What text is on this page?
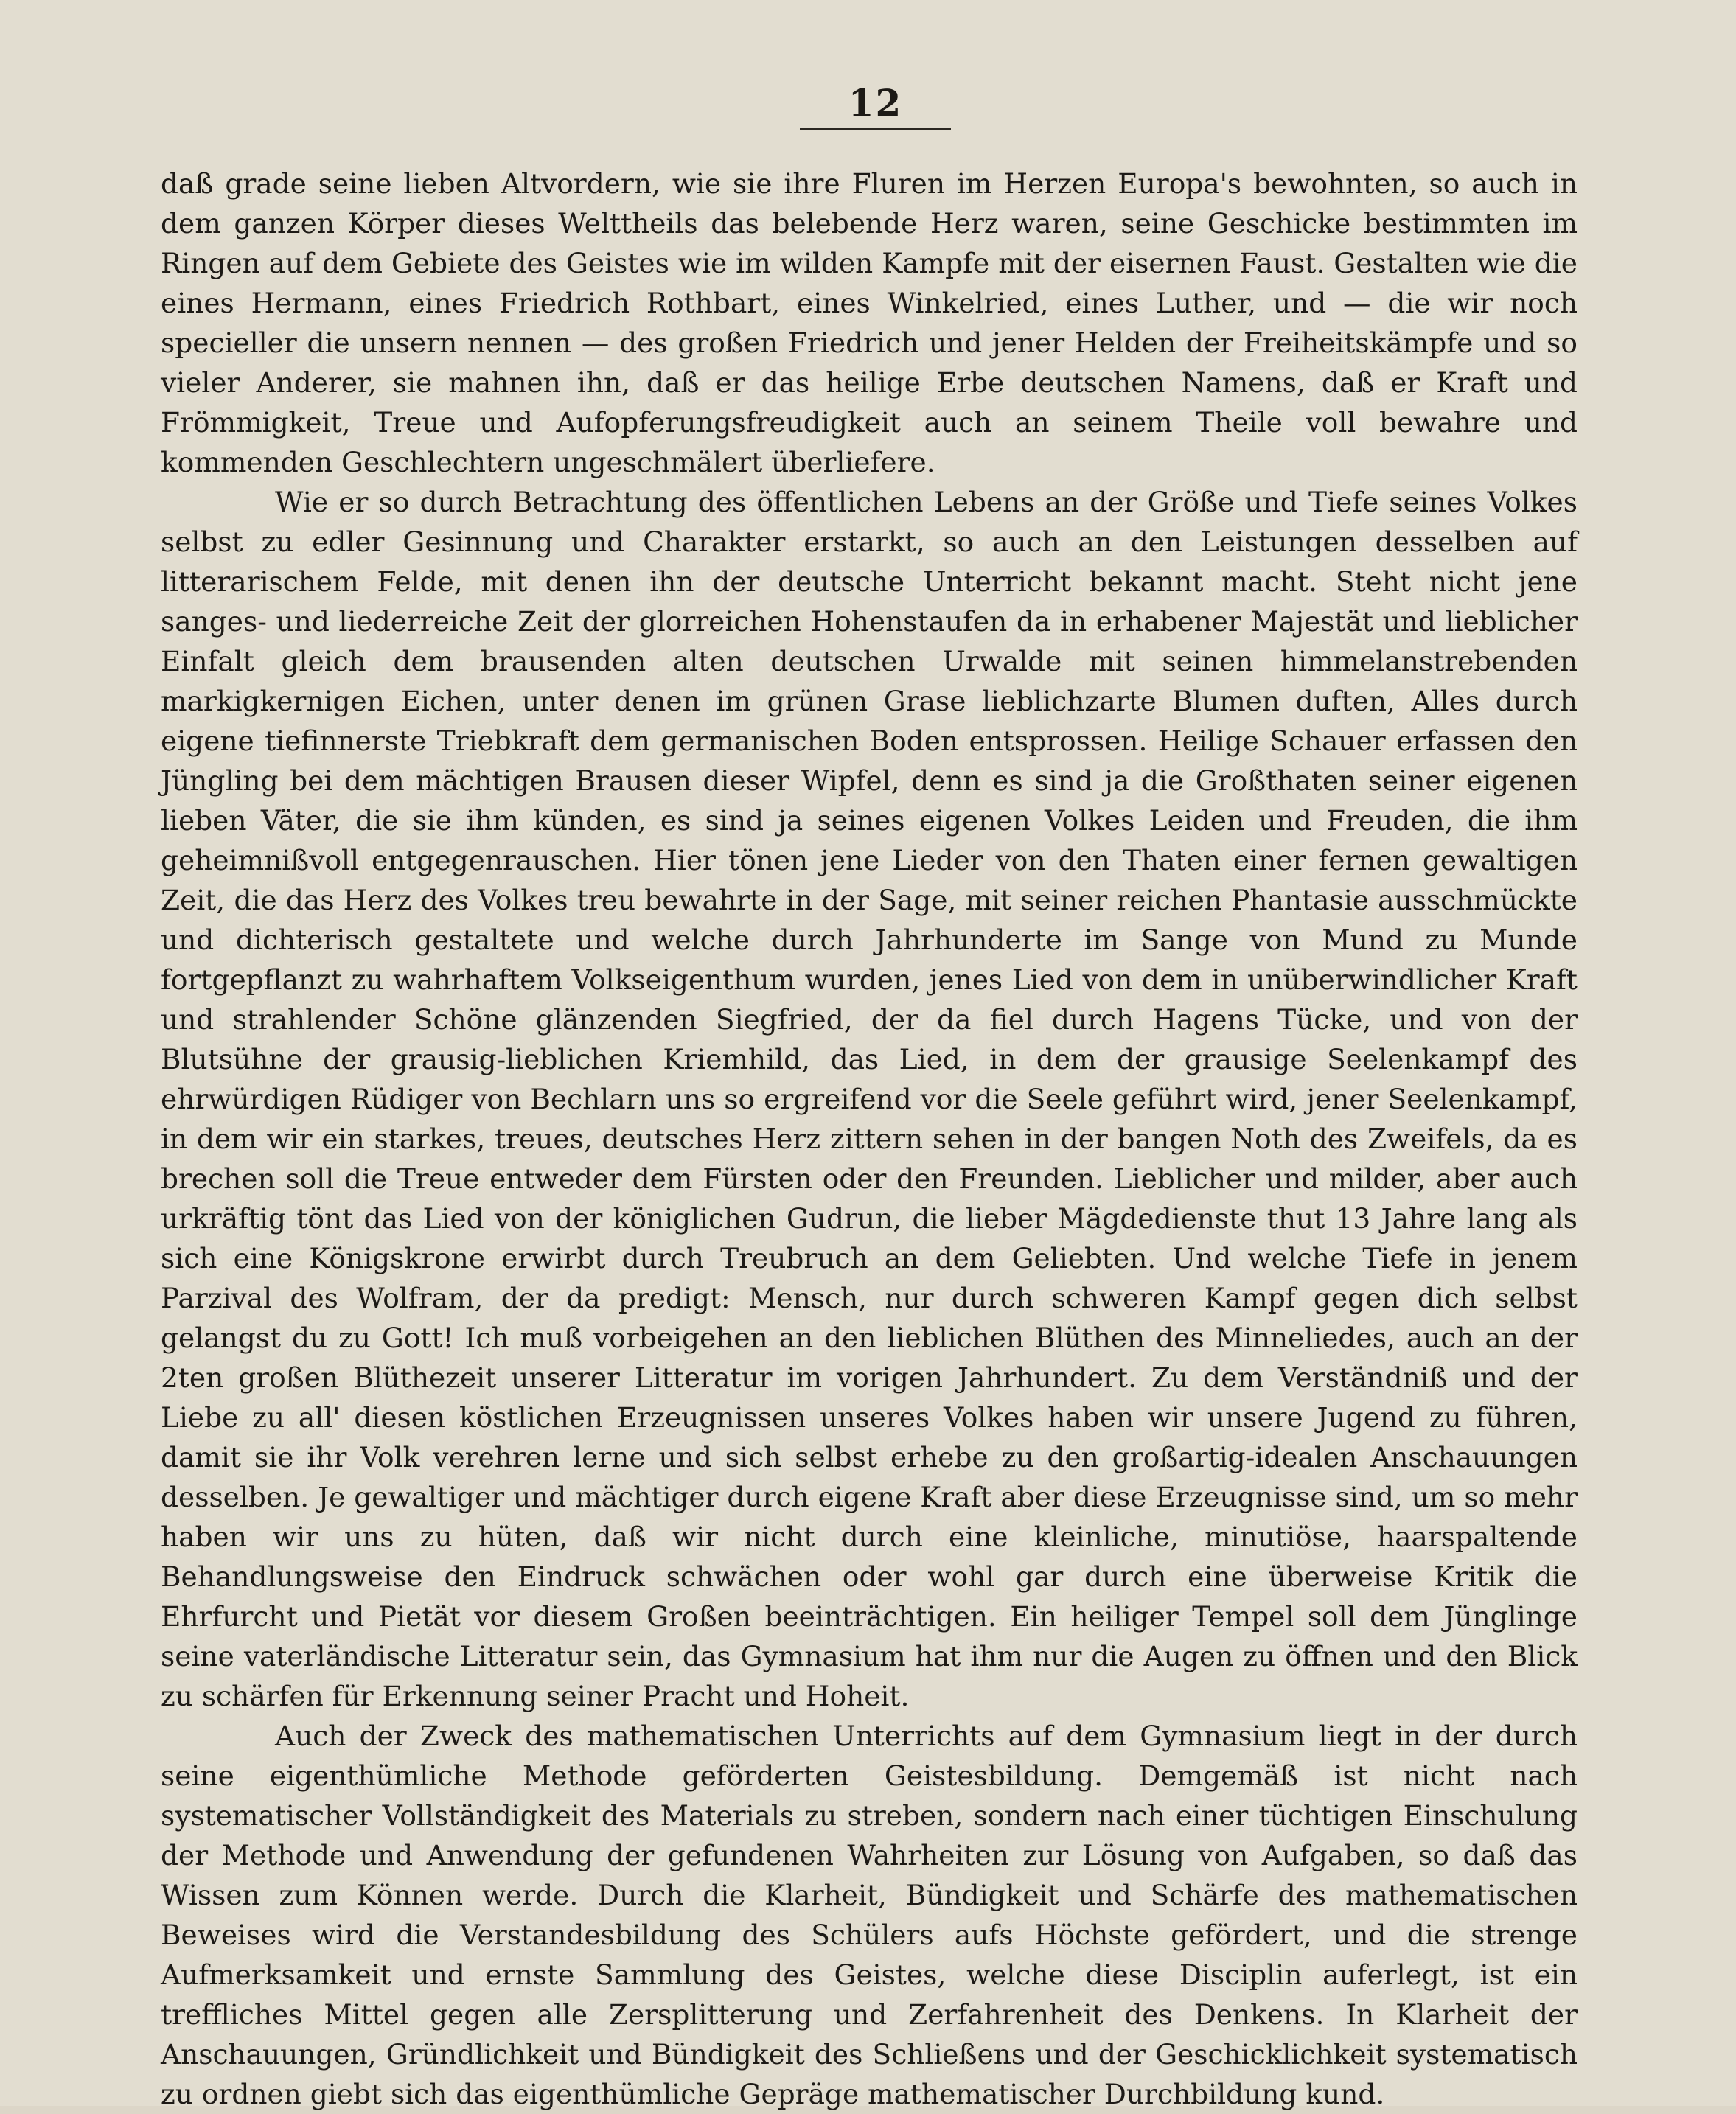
12

daß grade seine lieben Altvordern, wie sie ihre Fluren im Herzen Europa's bewohnten, so auch in dem ganzen Körper dieses Welttheils das belebende Herz waren, seine Geschicke bestimmten im Ringen auf dem Gebiete des Geistes wie im wilden Kampfe mit der eisernen Faust. Gestalten wie die eines Hermann, eines Friedrich Rothbart, eines Winkelried, eines Luther, und — die wir noch specieller die unsern nennen — des großen Friedrich und jener Helden der Freiheitskämpfe und so vieler Anderer, sie mahnen ihn, daß er das heilige Erbe deutschen Namens, daß er Kraft und Frömmigkeit, Treue und Aufopferungsfreudigkeit auch an seinem Theile voll bewahre und kommenden Geschlechtern ungeschmälert überliefere.

Wie er so durch Betrachtung des öffentlichen Lebens an der Größe und Tiefe seines Volkes selbst zu edler Gesinnung und Charakter erstarkt, so auch an den Leistungen desselben auf litterarischem Felde, mit denen ihn der deutsche Unterricht bekannt macht. Steht nicht jene sanges- und liederreiche Zeit der glorreichen Hohenstaufen da in erhabener Majestät und lieblicher Einfalt gleich dem brausenden alten deutschen Urwalde mit seinen himmelanstrebenden markigkernigen Eichen, unter denen im grünen Grase lieblichzarte Blumen duften, Alles durch eigene tiefinnerste Triebkraft dem germanischen Boden entsprossen. Heilige Schauer erfassen den Jüngling bei dem mächtigen Brausen dieser Wipfel, denn es sind ja die Großthaten seiner eigenen lieben Väter, die sie ihm künden, es sind ja seines eigenen Volkes Leiden und Freuden, die ihm geheimnißvoll entgegenrauschen. Hier tönen jene Lieder von den Thaten einer fernen gewaltigen Zeit, die das Herz des Volkes treu bewahrte in der Sage, mit seiner reichen Phantasie ausschmückte und dichterisch gestaltete und welche durch Jahrhunderte im Sange von Mund zu Munde fortgepflanzt zu wahrhaftem Volkseigenthum wurden, jenes Lied von dem in unüberwindlicher Kraft und strahlender Schöne glänzenden Siegfried, der da fiel durch Hagens Tücke, und von der Blutsühne der grausig-lieblichen Kriemhild, das Lied, in dem der grausige Seelenkampf des ehrwürdigen Rüdiger von Bechlarn uns so ergreifend vor die Seele geführt wird, jener Seelenkampf, in dem wir ein starkes, treues, deutsches Herz zittern sehen in der bangen Noth des Zweifels, da es brechen soll die Treue entweder dem Fürsten oder den Freunden. Lieblicher und milder, aber auch urkräftig tönt das Lied von der königlichen Gudrun, die lieber Mägdedienste thut 13 Jahre lang als sich eine Königskrone erwirbt durch Treubruch an dem Geliebten. Und welche Tiefe in jenem Parzival des Wolfram, der da predigt: Mensch, nur durch schweren Kampf gegen dich selbst gelangst du zu Gott! Ich muß vorbeigehen an den lieblichen Blüthen des Minneliedes, auch an der 2ten großen Blüthezeit unserer Litteratur im vorigen Jahrhundert. Zu dem Verständniß und der Liebe zu all' diesen köstlichen Erzeugnissen unseres Volkes haben wir unsere Jugend zu führen, damit sie ihr Volk verehren lerne und sich selbst erhebe zu den großartig-idealen Anschauungen desselben. Je gewaltiger und mächtiger durch eigene Kraft aber diese Erzeugnisse sind, um so mehr haben wir uns zu hüten, daß wir nicht durch eine kleinliche, minutiöse, haarspaltende Behandlungsweise den Eindruck schwächen oder wohl gar durch eine überweise Kritik die Ehrfurcht und Pietät vor diesem Großen beeinträchtigen. Ein heiliger Tempel soll dem Jünglinge seine vaterländische Litteratur sein, das Gymnasium hat ihm nur die Augen zu öffnen und den Blick zu schärfen für Erkennung seiner Pracht und Hoheit.

Auch der Zweck des mathematischen Unterrichts auf dem Gymnasium liegt in der durch seine eigenthümliche Methode geförderten Geistesbildung. Demgemäß ist nicht nach systematischer Vollständigkeit des Materials zu streben, sondern nach einer tüchtigen Einschulung der Methode und Anwendung der gefundenen Wahrheiten zur Lösung von Aufgaben, so daß das Wissen zum Können werde. Durch die Klarheit, Bündigkeit und Schärfe des mathematischen Beweises wird die Verstandesbildung des Schülers aufs Höchste gefördert, und die strenge Aufmerksamkeit und ernste Sammlung des Geistes, welche diese Disciplin auferlegt, ist ein treffliches Mittel gegen alle Zersplitterung und Zerfahrenheit des Denkens. In Klarheit der Anschauungen, Gründlichkeit und Bündigkeit des Schließens und der Geschicklichkeit systematisch zu ordnen giebt sich das eigenthümliche Gepräge mathematischer Durchbildung kund.
